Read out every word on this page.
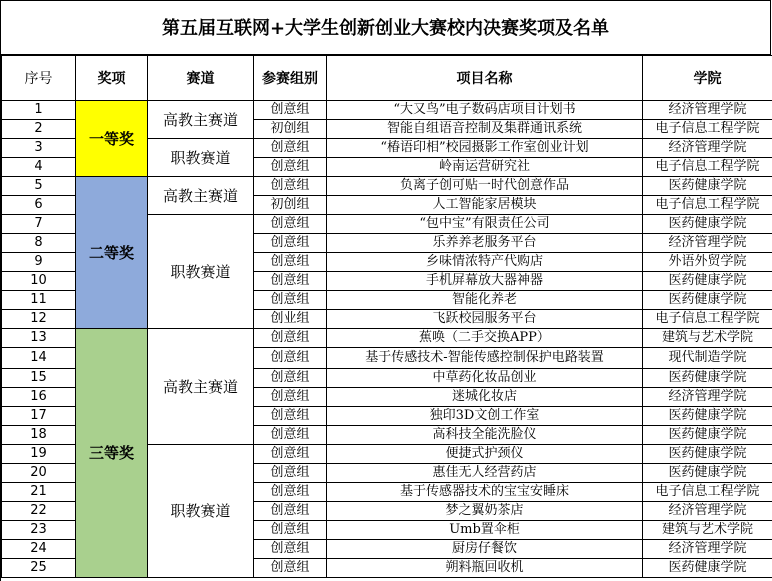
第五届互联网+大学生创新创业大赛校内决赛奖项及名单
序号	奖项	赛道	参赛组别	项目名称	学院
1	一等奖	高教主赛道	创意组	“大又鸟”电子数码店项目计划书	经济管理学院
2			初创组	智能自组语音控制及集群通讯系统	电子信息工程学院
3		职教赛道	创意组	“椿语印相”校园摄影工作室创业计划	经济管理学院
4			创意组	岭南运营研究社	电子信息工程学院
5	二等奖	高教主赛道	创意组	负离子创可贴一时代创意作品	医药健康学院
6			初创组	人工智能家居模块	电子信息工程学院
7		职教赛道	创意组	“包中宝”有限责任公司	医药健康学院
8			创意组	乐养养老服务平台	经济管理学院
9			创意组	乡味情浓特产代购店	外语外贸学院
10			创意组	手机屏幕放大器神器	医药健康学院
11			创意组	智能化养老	医药健康学院
12			创业组	飞跃校园服务平台	电子信息工程学院
13	三等奖	高教主赛道	创意组	蕉唤（二手交换APP）	建筑与艺术学院
14			创意组	基于传感技术-智能传感控制保护电路装置	现代制造学院
15			创意组	中草药化妆品创业	医药健康学院
16			创意组	迷城化妆店	经济管理学院
17			创意组	独印3D文创工作室	医药健康学院
18			创意组	高科技全能洗脸仪	医药健康学院
19		职教赛道	创意组	便捷式护颈仪	医药健康学院
20			创意组	惠佳无人经营药店	医药健康学院
21			创意组	基于传感器技术的宝宝安睡床	电子信息工程学院
22			创意组	梦之翼奶茶店	经济管理学院
23			创意组	Umb置伞柜	建筑与艺术学院
24			创意组	厨房仔餐饮	经济管理学院
25			创意组	朔料瓶回收机	医药健康学院
